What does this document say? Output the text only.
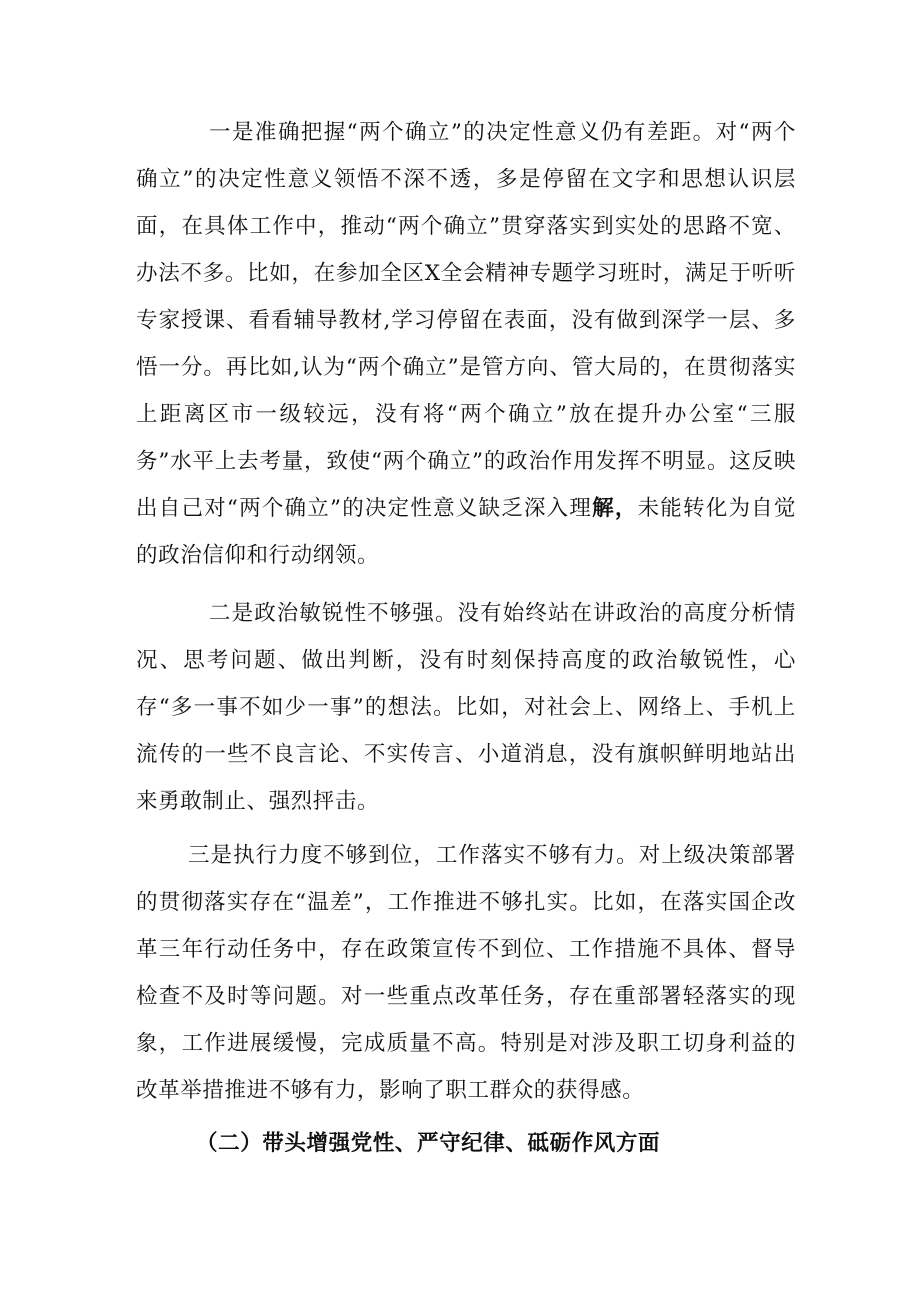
一是准确把握“两个确立”的决定性意义仍有差距。对“两个确立”的决定性意义领悟不深不透，多是停留在文字和思想认识层面，在具体工作中，推动“两个确立”贯穿落实到实处的思路不宽、办法不多。比如，在参加全区X全会精神专题学习班时，满足于听听专家授课、看看辅导教材,学习停留在表面，没有做到深学一层、多悟一分。再比如,认为“两个确立”是管方向、管大局的，在贯彻落实上距离区市一级较远，没有将“两个确立”放在提升办公室“三服务”水平上去考量，致使“两个确立”的政治作用发挥不明显。这反映出自己对“两个确立”的决定性意义缺乏深入理解，未能转化为自觉的政治信仰和行动纲领。

二是政治敏锐性不够强。没有始终站在讲政治的高度分析情况、思考问题、做出判断，没有时刻保持高度的政治敏锐性，心存“多一事不如少一事”的想法。比如，对社会上、网络上、手机上流传的一些不良言论、不实传言、小道消息，没有旗帜鲜明地站出来勇敢制止、强烈抨击。

三是执行力度不够到位，工作落实不够有力。对上级决策部署的贯彻落实存在“温差”，工作推进不够扎实。比如，在落实国企改革三年行动任务中，存在政策宣传不到位、工作措施不具体、督导检查不及时等问题。对一些重点改革任务，存在重部署轻落实的现象，工作进展缓慢，完成质量不高。特别是对涉及职工切身利益的改革举措推进不够有力，影响了职工群众的获得感。

（二）带头增强党性、严守纪律、砥砺作风方面
